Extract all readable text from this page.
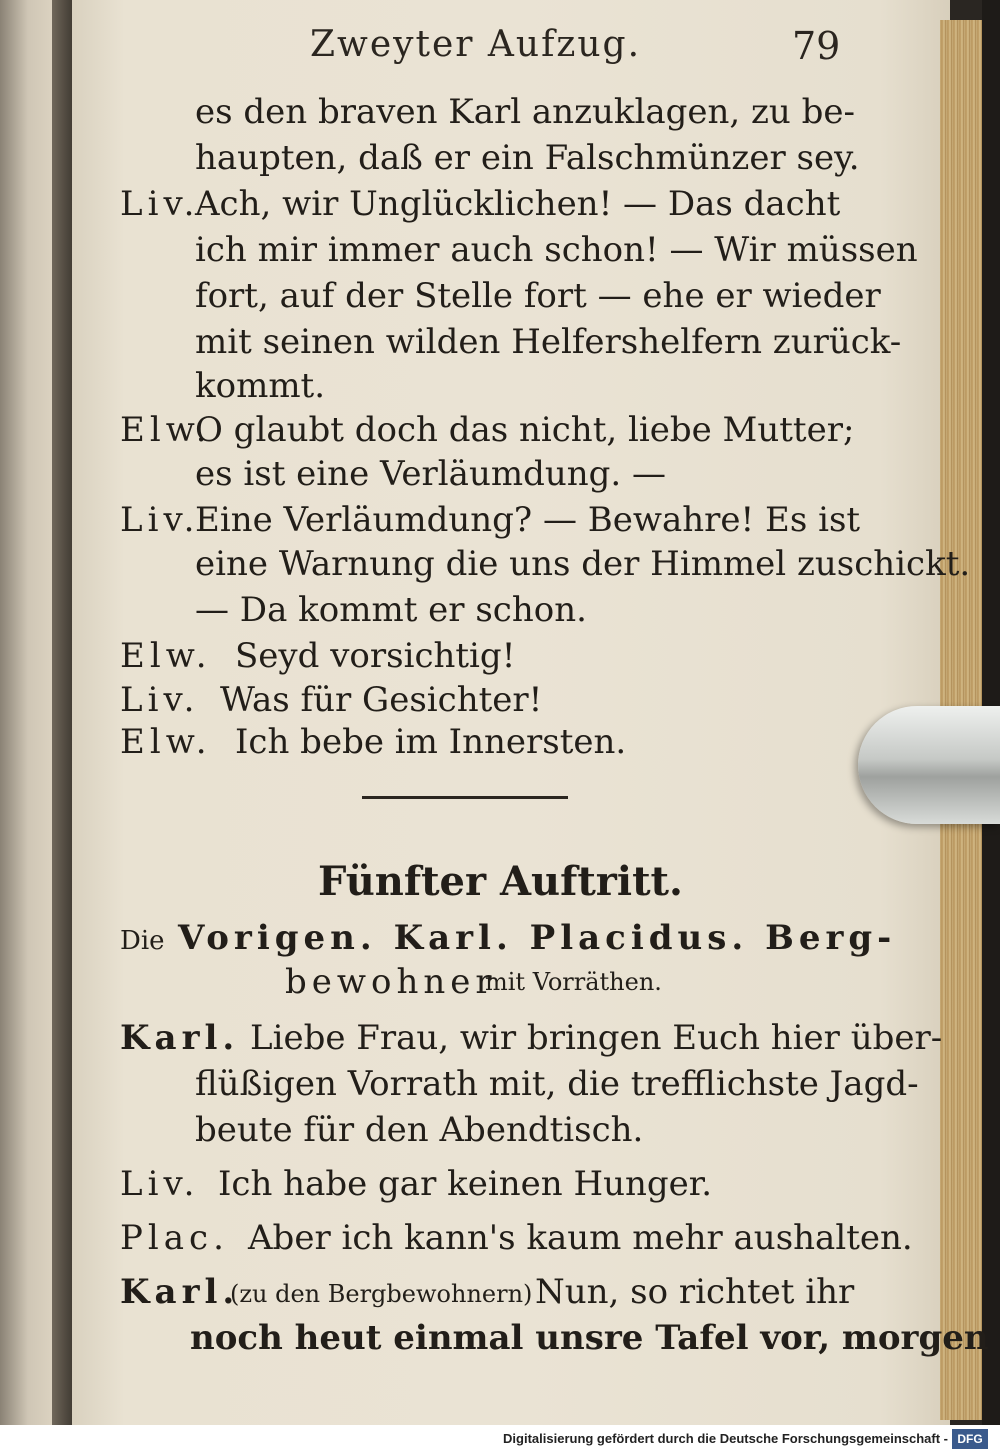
Zweyter Aufzug.	79
es den braven Karl anzuklagen, zu be-
haupten, daß er ein Falschmünzer sey.
Liv.
Ach, wir Unglücklichen! — Das dacht
ich mir immer auch schon! — Wir müssen
fort, auf der Stelle fort — ehe er wieder
mit seinen wilden Helfershelfern zurück-
kommt.
Elw.
O glaubt doch das nicht, liebe Mutter;
es ist eine Verläumdung. —
Liv.
Eine Verläumdung? — Bewahre! Es ist
eine Warnung die uns der Himmel zuschickt.
— Da kommt er schon.
Elw. Seyd vorsichtig!
Liv. Was für Gesichter!
Elw. Ich bebe im Innersten.
Fünfter Auftritt.
Die Vorigen. Karl. Placidus. Berg-
bewohner
mit Vorräthen.
Karl. Liebe Frau, wir bringen Euch hier über-
flüßigen Vorrath mit, die trefflichste Jagd-
beute für den Abendtisch.
Liv. Ich habe gar keinen Hunger.
Plac. Aber ich kann's kaum mehr aushalten.
Karl.
(zu den Bergbewohnern) Nun, so richtet ihr
noch heut einmal unsre Tafel vor, morgen
Digitalisierung gefördert durch die Deutsche Forschungsgemeinschaft - DFG
